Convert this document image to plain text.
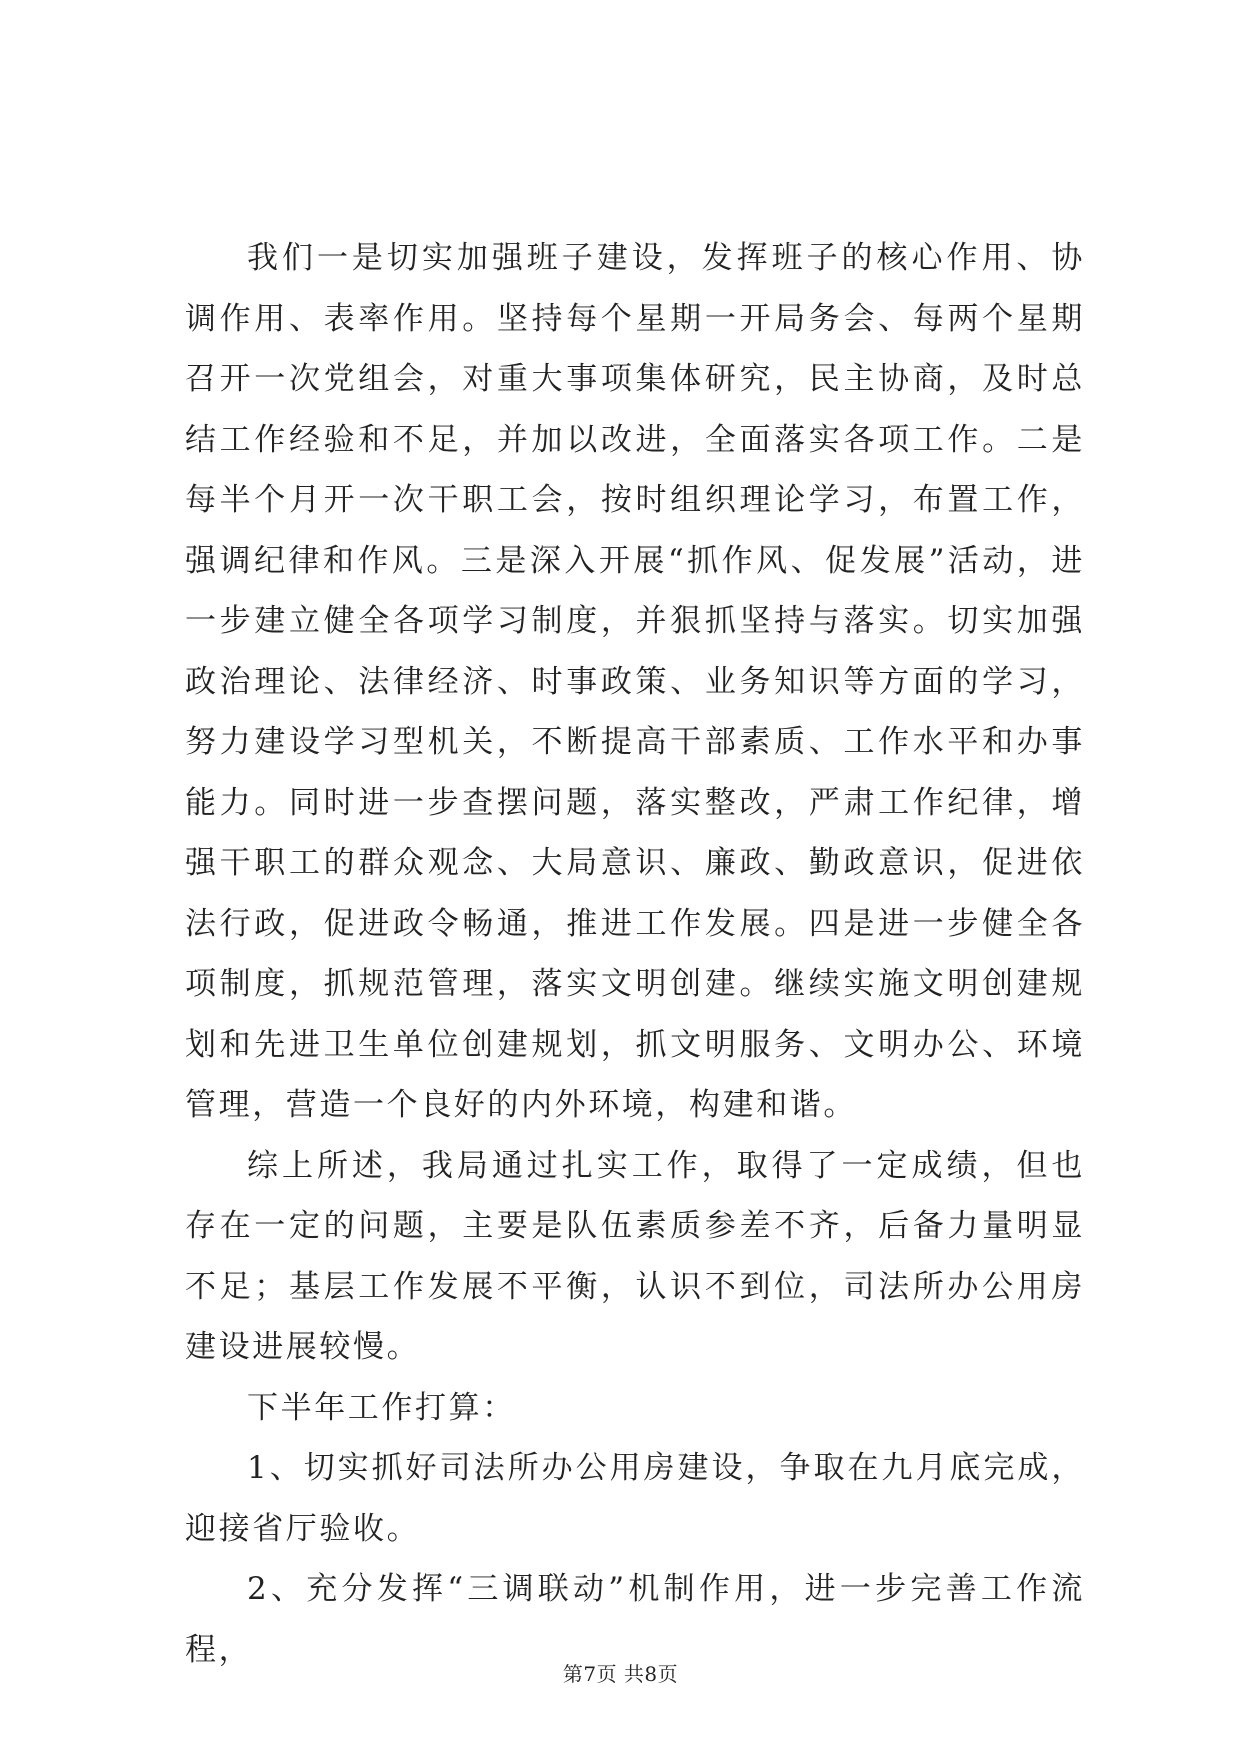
我们一是切实加强班子建设，发挥班子的核心作用、协调作用、表率作用。坚持每个星期一开局务会、每两个星期召开一次党组会，对重大事项集体研究，民主协商，及时总结工作经验和不足，并加以改进，全面落实各项工作。二是每半个月开一次干职工会，按时组织理论学习，布置工作，强调纪律和作风。三是深入开展“抓作风、促发展”活动，进一步建立健全各项学习制度，并狠抓坚持与落实。切实加强政治理论、法律经济、时事政策、业务知识等方面的学习，努力建设学习型机关，不断提高干部素质、工作水平和办事能力。同时进一步查摆问题，落实整改，严肃工作纪律，增强干职工的群众观念、大局意识、廉政、勤政意识，促进依法行政，促进政令畅通，推进工作发展。四是进一步健全各项制度，抓规范管理，落实文明创建。继续实施文明创建规划和先进卫生单位创建规划，抓文明服务、文明办公、环境管理，营造一个良好的内外环境，构建和谐。

综上所述，我局通过扎实工作，取得了一定成绩，但也存在一定的问题，主要是队伍素质参差不齐，后备力量明显不足；基层工作发展不平衡，认识不到位，司法所办公用房建设进展较慢。

下半年工作打算：

1、切实抓好司法所办公用房建设，争取在九月底完成，迎接省厅验收。

2、充分发挥“三调联动”机制作用，进一步完善工作流程，

第7页 共8页
